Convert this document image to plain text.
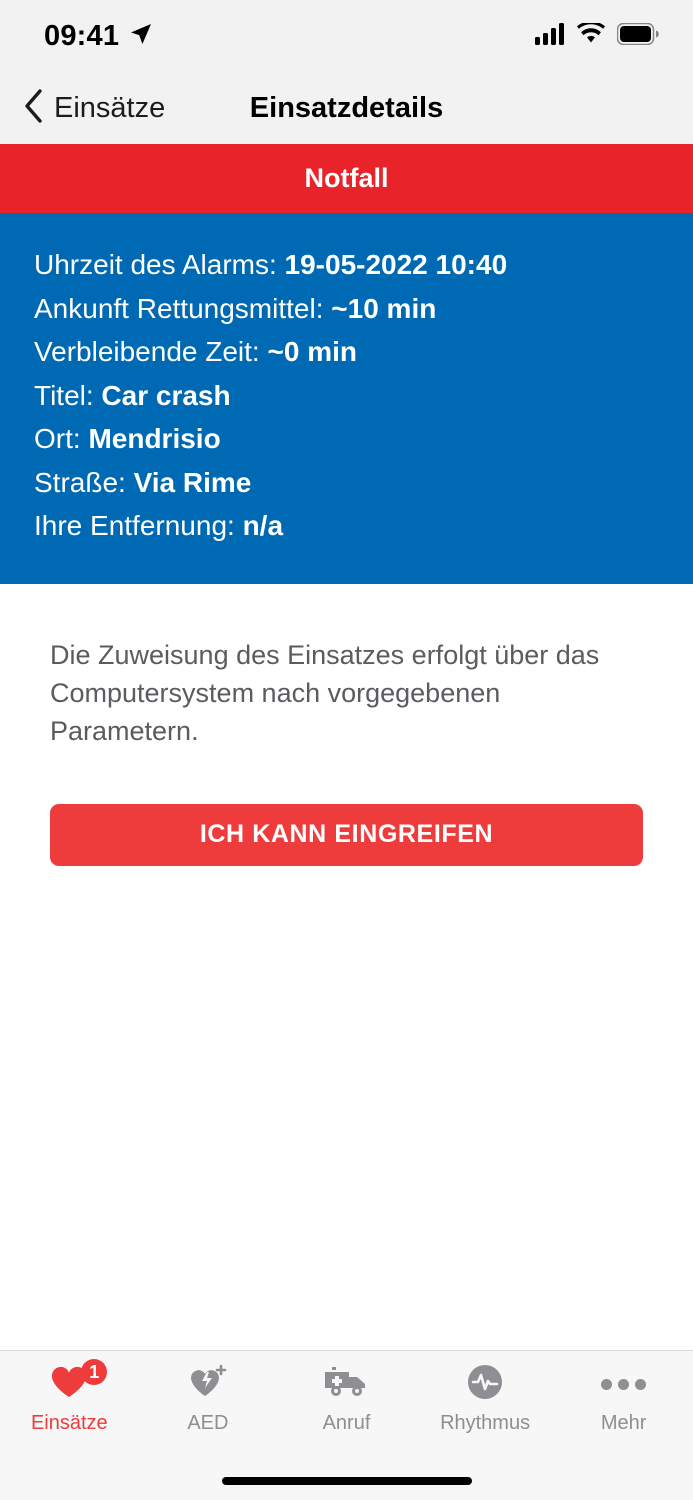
09:41
Einsätze	Einsatzdetails
Notfall
Uhrzeit des Alarms: 19-05-2022 10:40
Ankunft Rettungsmittel: ~10 min
Verbleibende Zeit: ~0 min
Titel: Car crash
Ort: Mendrisio
Straße: Via Rime
Ihre Entfernung: n/a

Die Zuweisung des Einsatzes erfolgt über das Computersystem nach vorgegebenen Parametern.

ICH KANN EINGREIFEN
1
Einsätze	AED	Anruf	Rhythmus	Mehr
